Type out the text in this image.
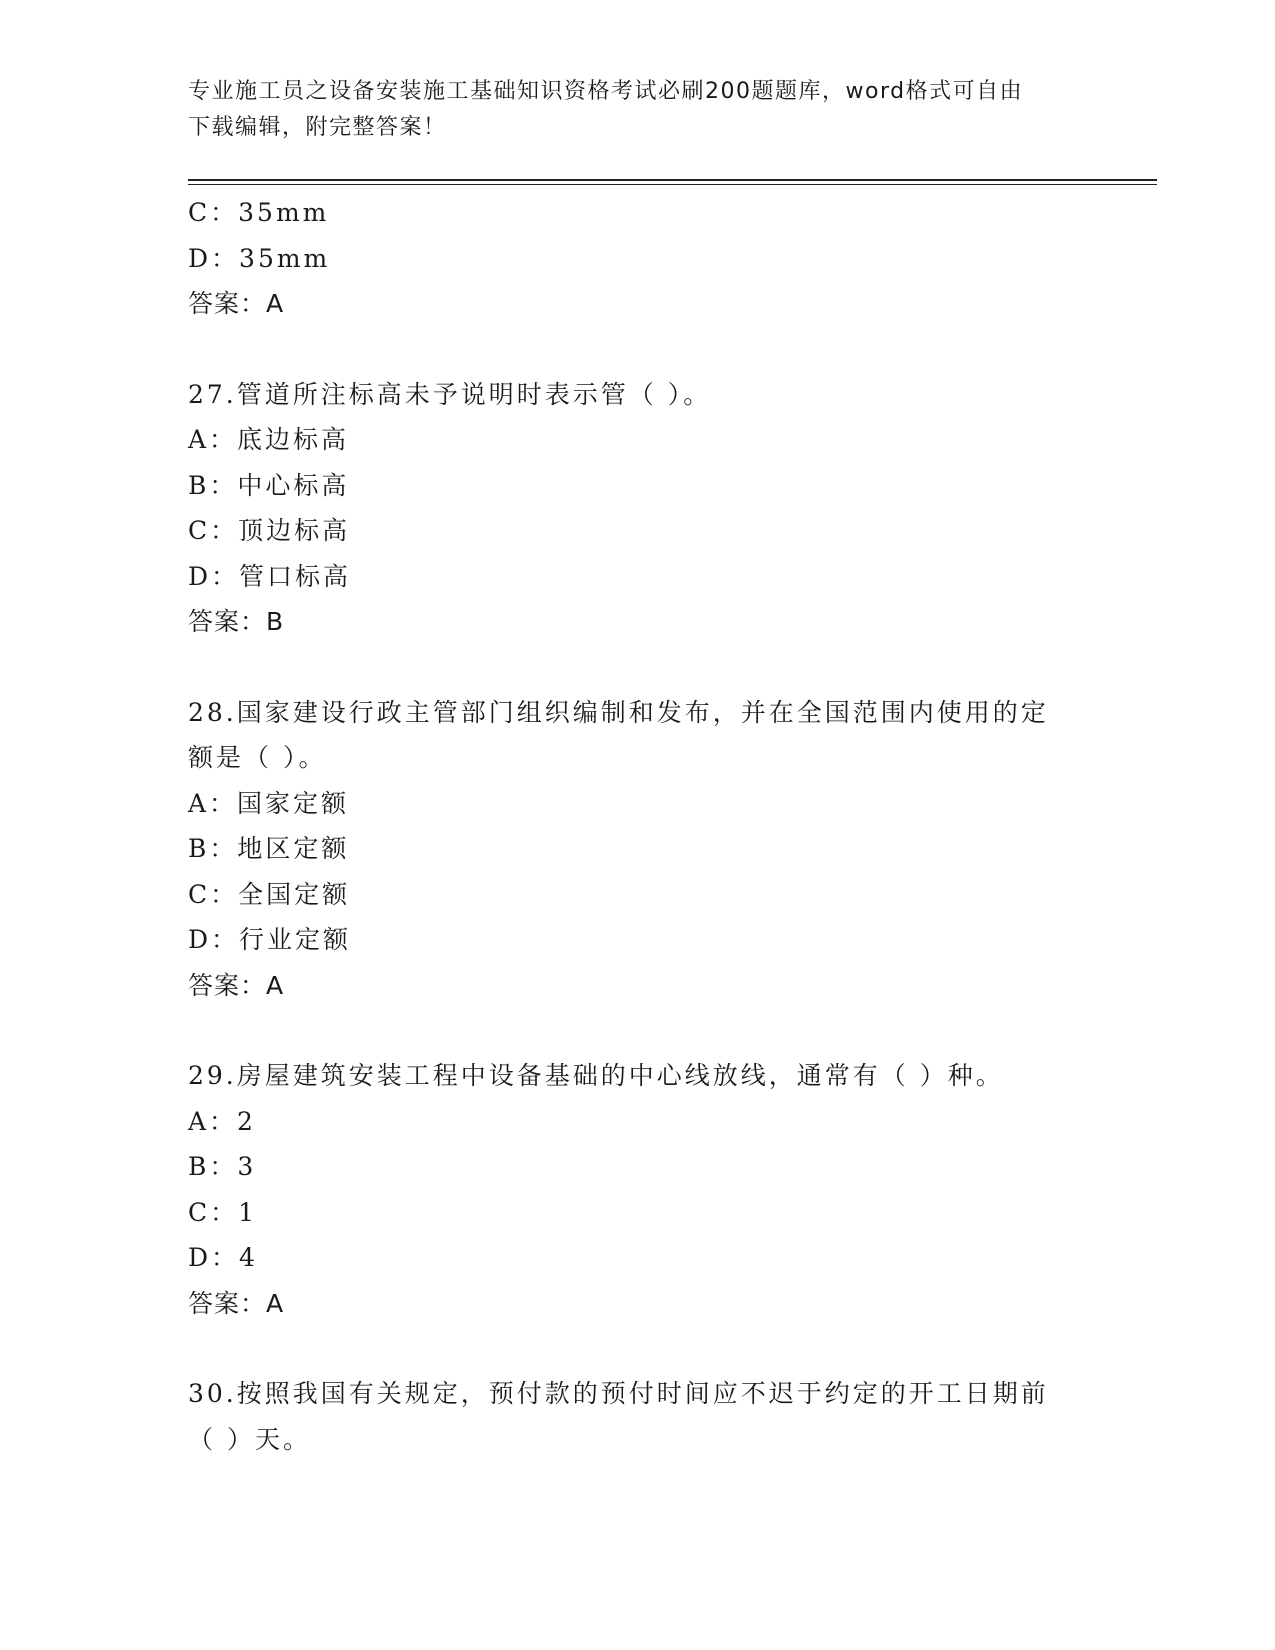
专业施工员之设备安装施工基础知识资格考试必刷200题题库，word格式可自由
下载编辑，附完整答案！
C：35mm
D：35mm
答案：A
27.管道所注标高未予说明时表示管（ ）。
A：底边标高
B：中心标高
C：顶边标高
D：管口标高
答案：B
28.国家建设行政主管部门组织编制和发布，并在全国范围内使用的定
额是（ ）。
A：国家定额
B：地区定额
C：全国定额
D：行业定额
答案：A
29.房屋建筑安装工程中设备基础的中心线放线，通常有（ ）种。
A：2
B：3
C：1
D：4
答案：A
30.按照我国有关规定，预付款的预付时间应不迟于约定的开工日期前
（ ）天。
